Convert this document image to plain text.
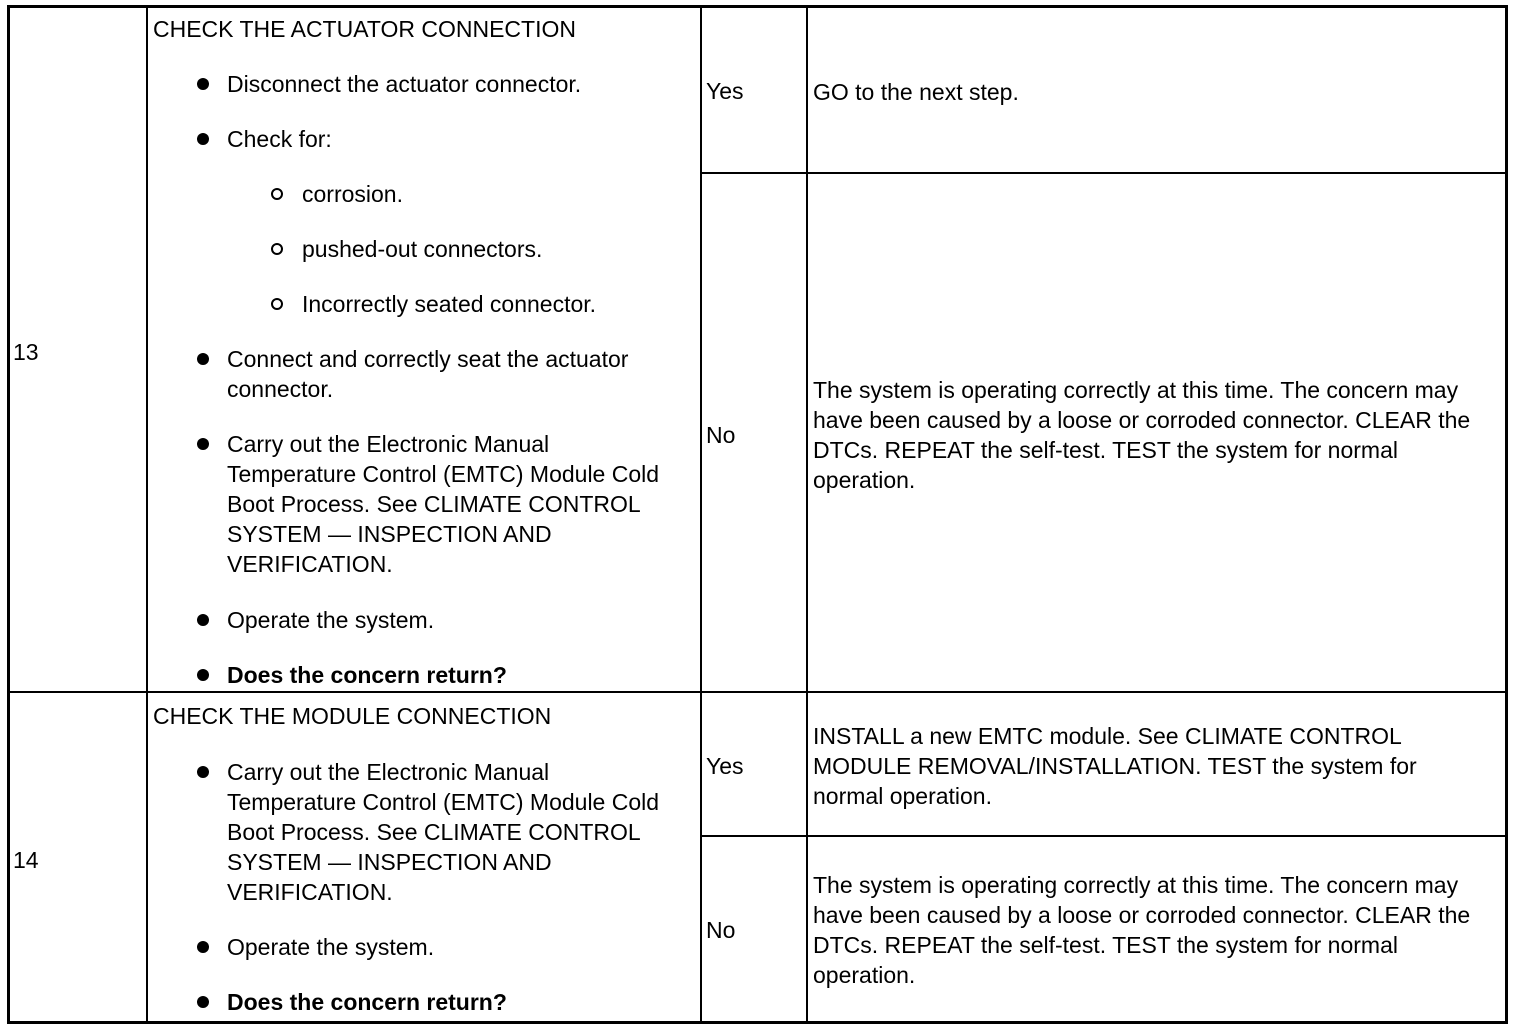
13
CHECK THE ACTUATOR CONNECTION
Disconnect the actuator connector.
Check for:
corrosion.
pushed-out connectors.
Incorrectly seated connector.
Connect and correctly seat the actuator connector.
Carry out the Electronic Manual Temperature Control (EMTC) Module Cold Boot Process. See CLIMATE CONTROL SYSTEM — INSPECTION AND VERIFICATION.
Operate the system.
Does the concern return?
Yes	GO to the next step.
No
The system is operating correctly at this time. The concern may have been caused by a loose or corroded connector. CLEAR the DTCs. REPEAT the self-test. TEST the system for normal operation.
14
CHECK THE MODULE CONNECTION
Carry out the Electronic Manual Temperature Control (EMTC) Module Cold Boot Process. See CLIMATE CONTROL SYSTEM — INSPECTION AND VERIFICATION.
Operate the system.
Does the concern return?
Yes
INSTALL a new EMTC module. See CLIMATE CONTROL MODULE REMOVAL/INSTALLATION. TEST the system for normal operation.
No
The system is operating correctly at this time. The concern may have been caused by a loose or corroded connector. CLEAR the DTCs. REPEAT the self-test. TEST the system for normal operation.
